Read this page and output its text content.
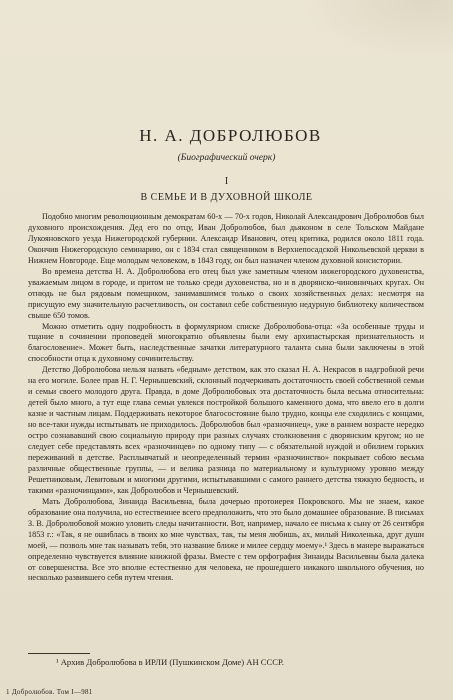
Н. А. ДОБРОЛЮБОВ
(Биографический очерк)
I
В СЕМЬЕ И В ДУХОВНОЙ ШКОЛЕ

Подобно многим революционным демократам 60-х — 70-х годов, Николай Александрович Добролюбов был духовного происхождения. Дед его по отцу, Иван Добролюбов, был дьяконом в селе Тольском Майдане Лукояновского уезда Нижегородской губернии. Александр Иванович, отец критика, родился около 1811 года. Окончив Нижегородскую семинарию, он с 1834 стал священником в Верхнепосадской Никольевской церкви в Нижнем Новгороде. Еще молодым человеком, в 1843 году, он был назначен членом духовной консистории.

Во времена детства Н. А. Добролюбова его отец был уже заметным членом нижегородского духовенства, уважаемым лицом в городе, и притом не только среди духовенства, но и в дворянско-чиновничьих кругах. Он отнюдь не был рядовым помещиком, занимавшимся только о своих хозяйственных делах: несмотря на присущую ему значительную расчетливость, он составил себе собственную недурную библиотеку количеством свыше 650 томов.

Можно отметить одну подробность в формулярном списке Добролюбова-отца: «За особенные труды и тщание в сочинении проповедей многократно объявлены были ему архипастырская признательность и благословение». Может быть, наследственные зачатки литературного таланта сына были заключены в этой способности отца к духовному сочинительству.

Детство Добролюбова нельзя назвать «бедным» детством, как это сказал Н. А. Некрасов в надгробной речи на его могиле. Более прав Н. Г. Чернышевский, склонный подчеркивать достаточность своей собственной семьи и семьи своего молодого друга. Правда, в доме Добролюбовых эта достаточность была весьма относительна: детей было много, а тут еще глава семьи увлекся постройкой большого каменного дома, что ввело его в долги казне и частным лицам. Поддерживать некоторое благосостояние было трудно, концы еле сходились с концами, но все-таки нужды испытывать не приходилось. Добролюбов был «разночинец», уже в раннем возрасте нередко остро сознававший свою социальную природу при разных случаях столкновения с дворянским кругом; но не следует себе представлять всех «разночинцев» по одному типу — с обязательной нуждой и обилием горьких переживаний в детстве. Расплывчатый и неопределенный термин «разночинство» покрывает собою весьма различные общественные группы, — и велика разница по материальному и культурному уровню между Решетниковым, Левитовым и многими другими, испытывавшими с самого раннего детства тяжкую бедность, и такими «разночинцами», как Добролюбов и Чернышевский.

Мать Добролюбова, Зинаида Васильевна, была дочерью протоиерея Покровского. Мы не знаем, какое образование она получила, но естественнее всего предположить, что это было домашнее образование. В письмах З. В. Добролюбовой можно уловить следы начитанности. Вот, например, начало ее письма к сыну от 26 сентября 1853 г.: «Так, я не ошиблась в твоих ко мне чувствах, так, ты меня любишь, ах, милый Николенька, друг души моей, — позволь мне так называть тебя, это название ближе и милее сердцу моему».¹ Здесь в манере выражаться определенно чувствуется влияние книжной фразы. Вместе с тем орфография Зинаиды Васильевны была далека от совершенства. Все это вполне естественно для человека, не прошедшего никакого школьного обучения, но несколько развившего себя путем чтения.

¹ Архив Добролюбова в ИРЛИ (Пушкинском Доме) АН СССР.
1 Добролюбов. Том I—981
